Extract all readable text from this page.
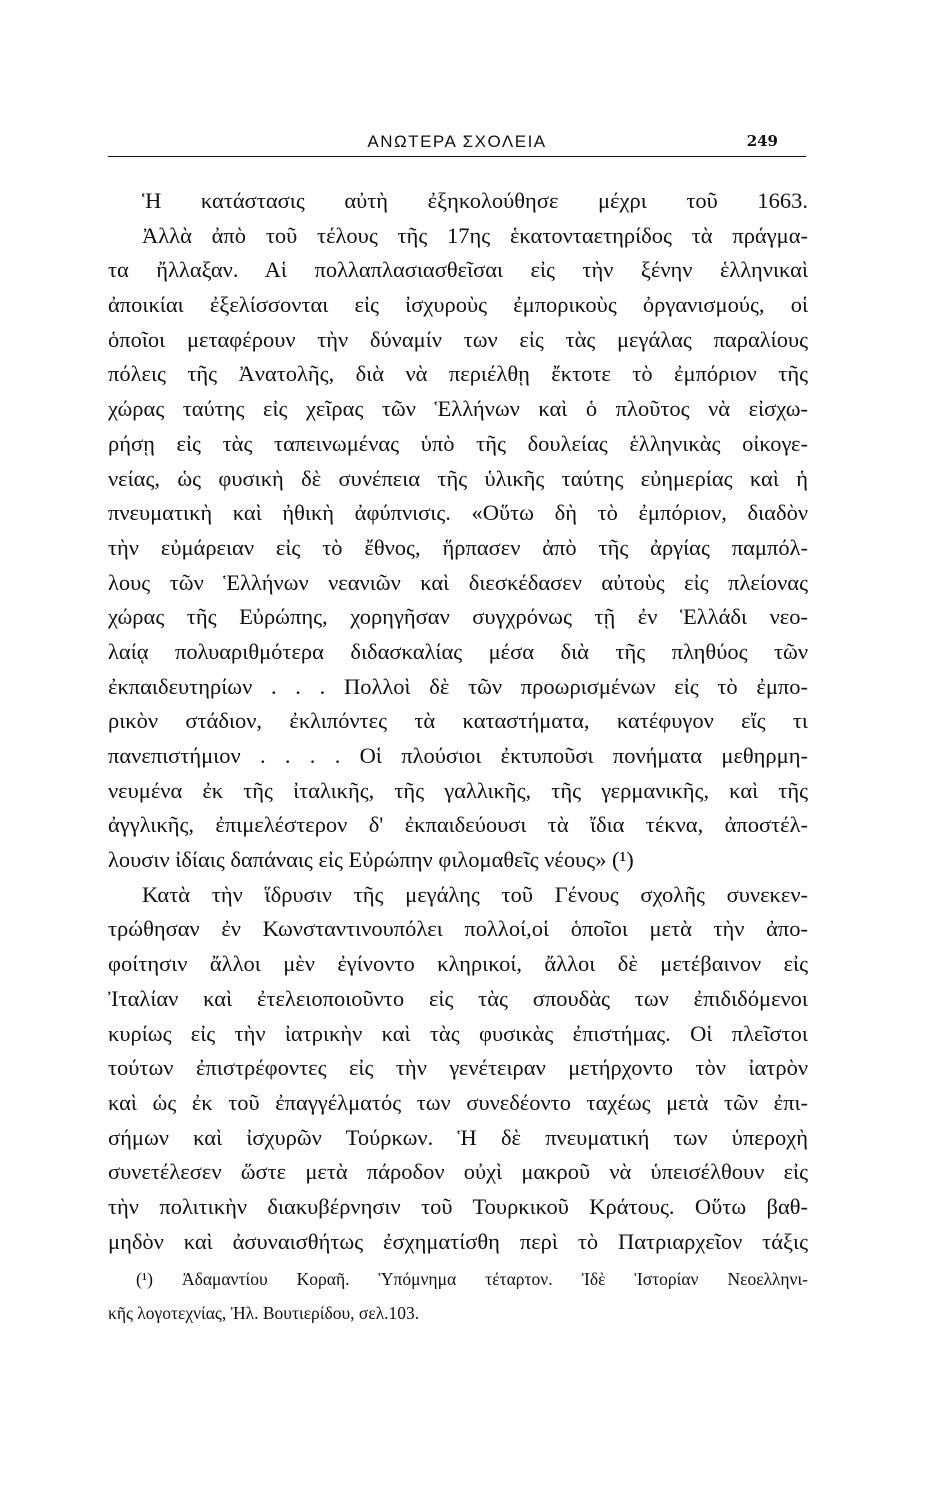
ΑΝΩΤΕΡΑ ΣΧΟΛΕΙΑ	249
Ἡ κατάστασις αὐτὴ ἐξηκολούθησε μέχρι τοῦ 1663.
Ἀλλὰ ἀπὸ τοῦ τέλους τῆς 17ης ἑκατονταετηρίδος τὰ πράγμα-
τα ἤλλαξαν. Αἱ πολλαπλασιασθεῖσαι εἰς τὴν ξένην ἑλληνικαὶ
ἀποικίαι ἐξελίσσονται εἰς ἰσχυροὺς ἐμπορικοὺς ὀργανισμούς, οἱ
ὁποῖοι μεταφέρουν τὴν δύναμίν των εἰς τὰς μεγάλας παραλίους
πόλεις τῆς Ἀνατολῆς, διὰ νὰ περιέλθῃ ἔκτοτε τὸ ἐμπόριον τῆς
χώρας ταύτης εἰς χεῖρας τῶν Ἑλλήνων καὶ ὁ πλοῦτος νὰ εἰσχω-
ρήσῃ εἰς τὰς ταπεινωμένας ὑπὸ τῆς δουλείας ἑλληνικὰς οἰκογε-
νείας, ὡς φυσικὴ δὲ συνέπεια τῆς ὑλικῆς ταύτης εὐημερίας καὶ ἡ
πνευματικὴ καὶ ἠθικὴ ἀφύπνισις. «Οὕτω δὴ τὸ ἐμπόριον, διαδὸν
τὴν εὐμάρειαν εἰς τὸ ἔθνος, ἥρπασεν ἀπὸ τῆς ἀργίας παμπόλ-
λους τῶν Ἑλλήνων νεανιῶν καὶ διεσκέδασεν αὐτοὺς εἰς πλείονας
χώρας τῆς Εὐρώπης, χορηγῆσαν συγχρόνως τῇ ἐν Ἑλλάδι νεο-
λαίᾳ πολυαριθμότερα διδασκαλίας μέσα διὰ τῆς πληθύος τῶν
ἐκπαιδευτηρίων . . . Πολλοὶ δὲ τῶν προωρισμένων εἰς τὸ ἐμπο-
ρικὸν στάδιον, ἐκλιπόντες τὰ καταστήματα, κατέφυγον εἴς τι
πανεπιστήμιον . . . . Οἱ πλούσιοι ἐκτυποῦσι πονήματα μεθηρμη-
νευμένα ἐκ τῆς ἰταλικῆς, τῆς γαλλικῆς, τῆς γερμανικῆς, καὶ τῆς
ἀγγλικῆς, ἐπιμελέστερον δ' ἐκπαιδεύουσι τὰ ἴδια τέκνα, ἀποστέλ-
λουσιν ἰδίαις δαπάναις εἰς Εὐρώπην φιλομαθεῖς νέους» (¹)
Κατὰ τὴν ἵδρυσιν τῆς μεγάλης τοῦ Γένους σχολῆς συνεκεν-
τρώθησαν ἐν Κωνσταντινουπόλει πολλοί,οἱ ὁποῖοι μετὰ τὴν ἀπο-
φοίτησιν ἄλλοι μὲν ἐγίνοντο κληρικοί, ἄλλοι δὲ μετέβαινον εἰς
Ἰταλίαν καὶ ἐτελειοποιοῦντο εἰς τὰς σπουδὰς των ἐπιδιδόμενοι
κυρίως εἰς τὴν ἰατρικὴν καὶ τὰς φυσικὰς ἐπιστήμας. Οἱ πλεῖστοι
τούτων ἐπιστρέφοντες εἰς τὴν γενέτειραν μετήρχοντο τὸν ἰατρὸν
καὶ ὡς ἐκ τοῦ ἐπαγγέλματός των συνεδέοντο ταχέως μετὰ τῶν ἐπι-
σήμων καὶ ἰσχυρῶν Τούρκων. Ἡ δὲ πνευματική των ὑπεροχὴ
συνετέλεσεν ὥστε μετὰ πάροδον οὐχὶ μακροῦ νὰ ὑπεισέλθουν εἰς
τὴν πολιτικὴν διακυβέρνησιν τοῦ Τουρκικοῦ Κράτους. Οὕτω βαθ-
μηδὸν καὶ ἀσυναισθήτως ἐσχηματίσθη περὶ τὸ Πατριαρχεῖον τάξις
(¹) Ἀδαμαντίου Κοραῆ. Ὑπόμνημα τέταρτον. Ἰδὲ Ἱστορίαν Νεοελληνι-
κῆς λογοτεχνίας, Ἠλ. Βουτιερίδου, σελ.103.
